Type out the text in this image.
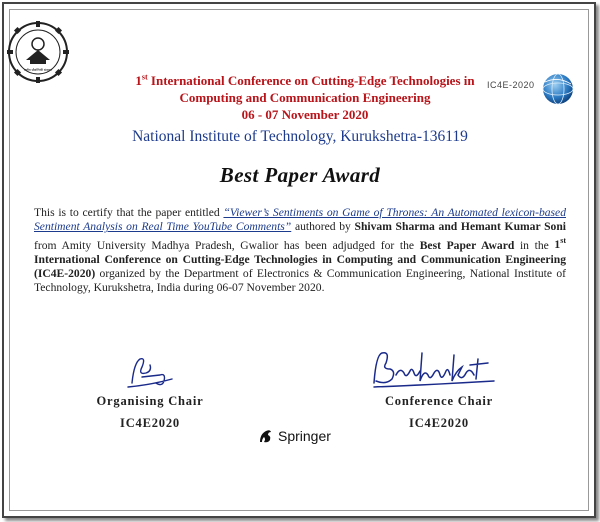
राष्ट्रीय प्रौद्योगिकी संस्थान
1st International Conference on Cutting-Edge Technologies in
Computing and Communication Engineering
06 - 07 November 2020
IC4E-2020
National Institute of Technology, Kurukshetra-136119
Best Paper Award
This is to certify that the paper entitled “Viewer’s Sentiments on Game of Thrones: An Automated lexicon-based Sentiment Analysis on Real Time YouTube Comments” authored by Shivam Sharma and Hemant Kumar Soni from Amity University Madhya Pradesh, Gwalior has been adjudged for the Best Paper Award in the 1st International Conference on Cutting-Edge Technologies in Computing and Communication Engineering (IC4E-2020) organized by the Department of Electronics & Communication Engineering, National Institute of Technology, Kurukshetra, India during 06-07 November 2020.
Organising Chair
IC4E2020
Conference Chair
IC4E2020
Springer
